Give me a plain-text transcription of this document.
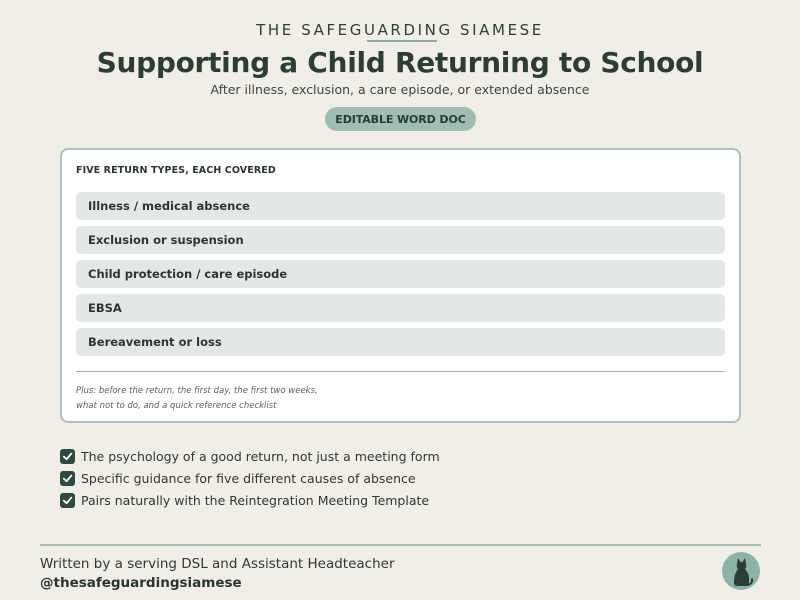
THE SAFEGUARDING SIAMESE
Supporting a Child Returning to School
After illness, exclusion, a care episode, or extended absence
EDITABLE WORD DOC
FIVE RETURN TYPES, EACH COVERED
Illness / medical absence
Exclusion or suspension
Child protection / care episode
EBSA
Bereavement or loss
Plus: before the return, the first day, the first two weeks,
what not to do, and a quick reference checklist
The psychology of a good return, not just a meeting form
Specific guidance for five different causes of absence
Pairs naturally with the Reintegration Meeting Template
Written by a serving DSL and Assistant Headteacher
@thesafeguardingsiamese
